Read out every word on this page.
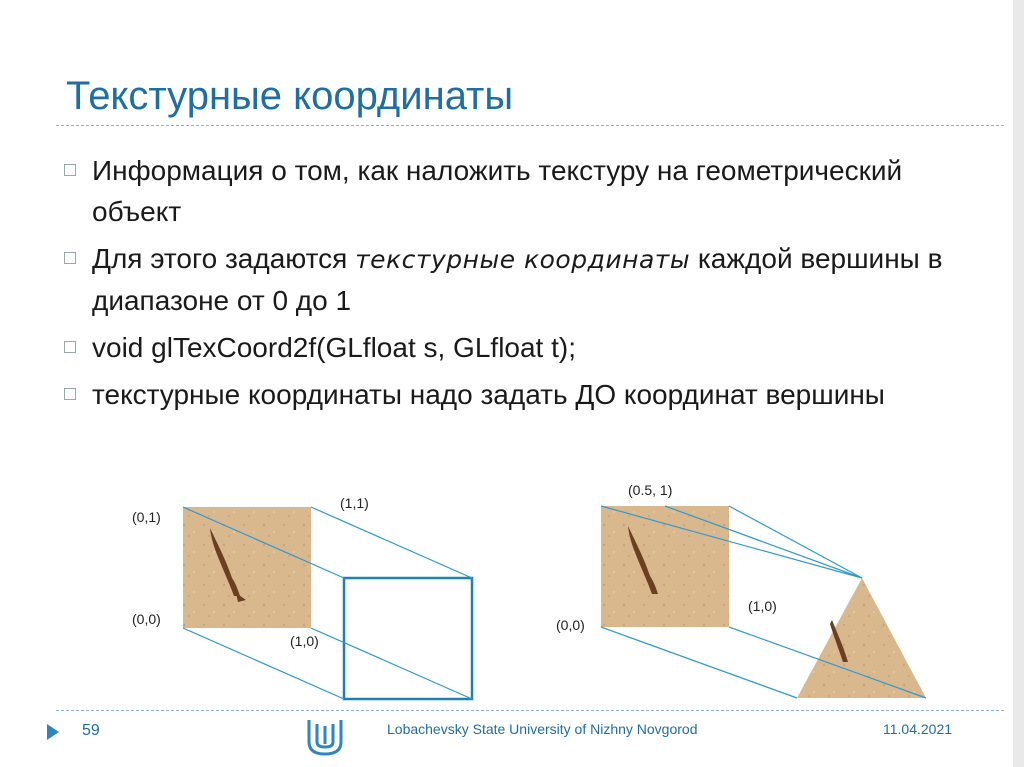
Текстурные координаты
Информация о том, как наложить текстуру на геометрический объект
Для этого задаются текстурные координаты каждой вершины в диапазоне от 0 до 1
void glTexCoord2f(GLfloat s, GLfloat t);
текстурные координаты надо задать ДО координат вершины
(0,1)
(0,0)
(1,0)
(1,1)
(0.5, 1)
(0,0)
(1,0)
59	Lobachevsky State University of Nizhny Novgorod	11.04.2021
